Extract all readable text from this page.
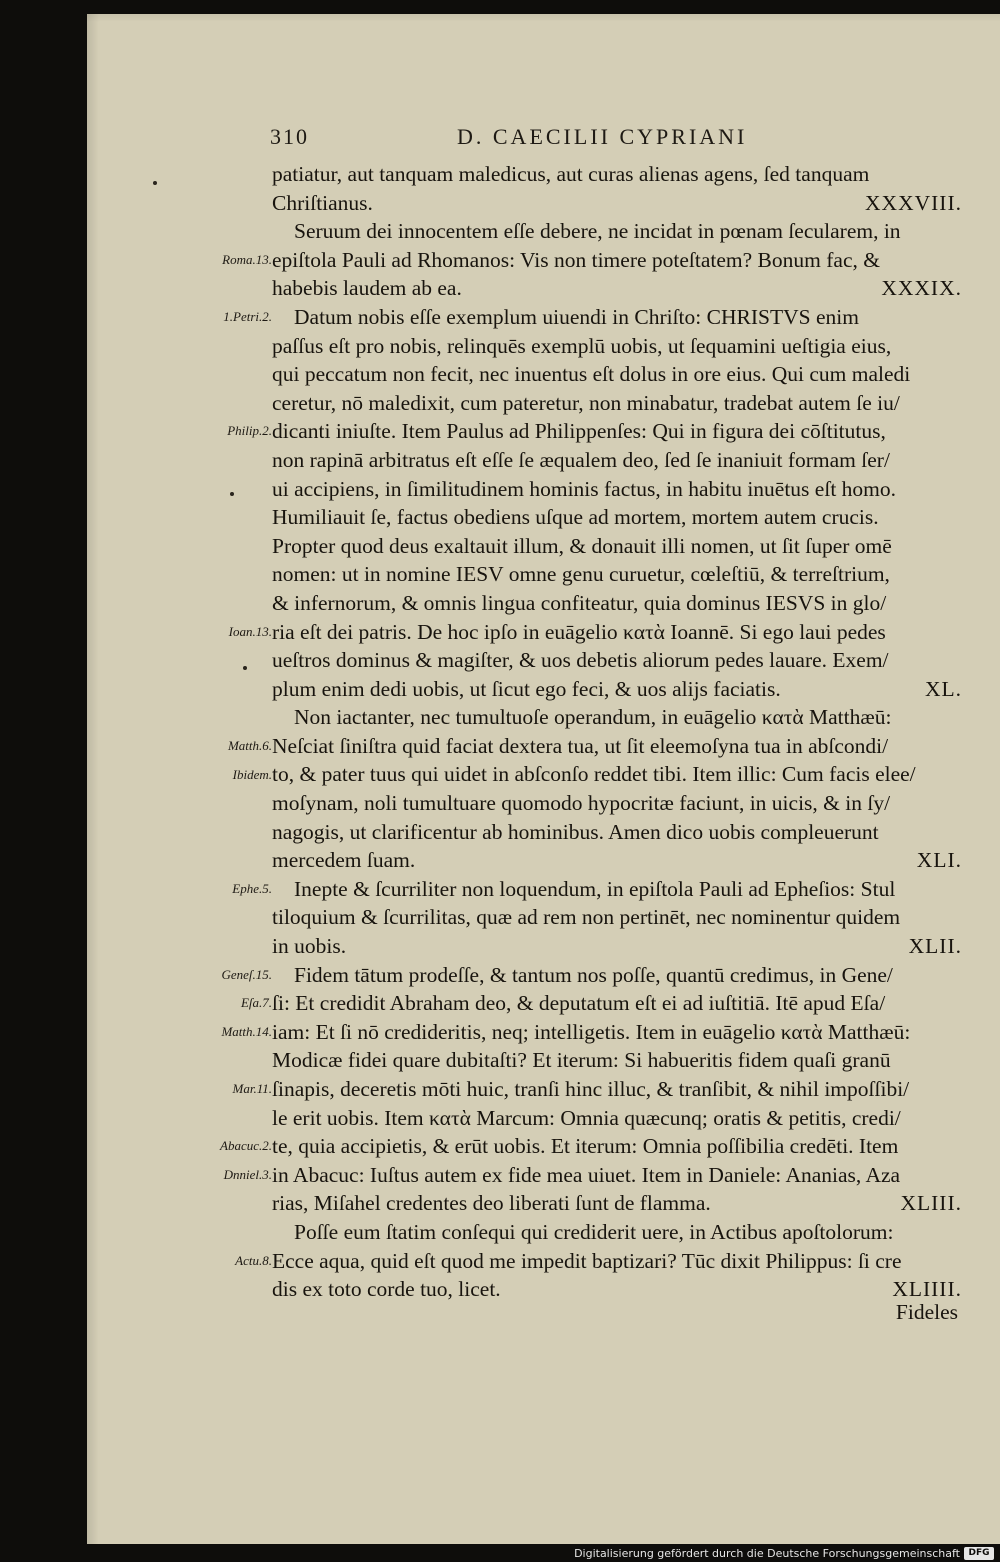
310	D. CAECILII CYPRIANI
Roma.13.
1.Petri.2.
Philip.2.
Ioan.13.
Matth.6.
Ibidem.
Ephe.5.
Geneſ.15.
Eſa.7.
Matth.14.
Mar.11.
Abacuc.2.
Dnniel.3.
Actu.8.
patiatur, aut tanquam maledicus, aut curas alienas agens, ſed tanquam
XXXVIII.
Chriſtianus.
Seruum dei innocentem eſſe debere, ne incidat in pœnam ſecularem, in
epiſtola Pauli ad Rhomanos: Vis non timere poteſtatem? Bonum fac, &
XXXIX.
habebis laudem ab ea.
Datum nobis eſſe exemplum uiuendi in Chriſto: CHRISTVS enim
paſſus eſt pro nobis, relinquēs exemplū uobis, ut ſequamini ueſtigia eius,
qui peccatum non fecit, nec inuentus eſt dolus in ore eius. Qui cum maledi
ceretur, nō maledixit, cum pateretur, non minabatur, tradebat autem ſe iu/
dicanti iniuſte. Item Paulus ad Philippenſes: Qui in figura dei cōſtitutus,
non rapinā arbitratus eſt eſſe ſe æqualem deo, ſed ſe inaniuit formam ſer/
ui accipiens, in ſimilitudinem hominis factus, in habitu inuētus eſt homo.
Humiliauit ſe, factus obediens uſque ad mortem, mortem autem crucis.
Propter quod deus exaltauit illum, & donauit illi nomen, ut ſit ſuper omē
nomen: ut in nomine IESV omne genu curuetur, cœleſtiū, & terreſtrium,
& infernorum, & omnis lingua confiteatur, quia dominus IESVS in glo/
ria eſt dei patris. De hoc ipſo in euāgelio κατὰ Ioannē. Si ego laui pedes
ueſtros dominus & magiſter, & uos debetis aliorum pedes lauare. Exem/
XL.
plum enim dedi uobis, ut ſicut ego feci, & uos alijs faciatis.
Non iactanter, nec tumultuoſe operandum, in euāgelio κατὰ Matthæū:
Neſciat ſiniſtra quid faciat dextera tua, ut ſit eleemoſyna tua in abſcondi/
to, & pater tuus qui uidet in abſconſo reddet tibi. Item illic: Cum facis elee/
moſynam, noli tumultuare quomodo hypocritæ faciunt, in uicis, & in ſy/
nagogis, ut clarificentur ab hominibus. Amen dico uobis compleuerunt
XLI.
mercedem ſuam.
Inepte & ſcurriliter non loquendum, in epiſtola Pauli ad Epheſios: Stul
tiloquium & ſcurrilitas, quæ ad rem non pertinēt, nec nominentur quidem
XLII.
in uobis.
Fidem tātum prodeſſe, & tantum nos poſſe, quantū credimus, in Gene/
ſi: Et credidit Abraham deo, & deputatum eſt ei ad iuſtitiā. Itē apud Eſa/
iam: Et ſi nō credideritis, neq; intelligetis. Item in euāgelio κατὰ Matthæū:
Modicæ fidei quare dubitaſti? Et iterum: Si habueritis fidem quaſi granū
ſinapis, deceretis mōti huic, tranſi hinc illuc, & tranſibit, & nihil impoſſibi/
le erit uobis. Item κατὰ Marcum: Omnia quæcunq; oratis & petitis, credi/
te, quia accipietis, & erūt uobis. Et iterum: Omnia poſſibilia credēti. Item
in Abacuc: Iuſtus autem ex fide mea uiuet. Item in Daniele: Ananias, Aza
XLIII.
rias, Miſahel credentes deo liberati ſunt de flamma.
Poſſe eum ſtatim conſequi qui crediderit uere, in Actibus apoſtolorum:
Ecce aqua, quid eſt quod me impedit baptizari? Tūc dixit Philippus: ſi cre
XLIIII.
dis ex toto corde tuo, licet.
Fideles
Digitalisierung gefördert durch die Deutsche Forschungsgemeinschaft DFG
